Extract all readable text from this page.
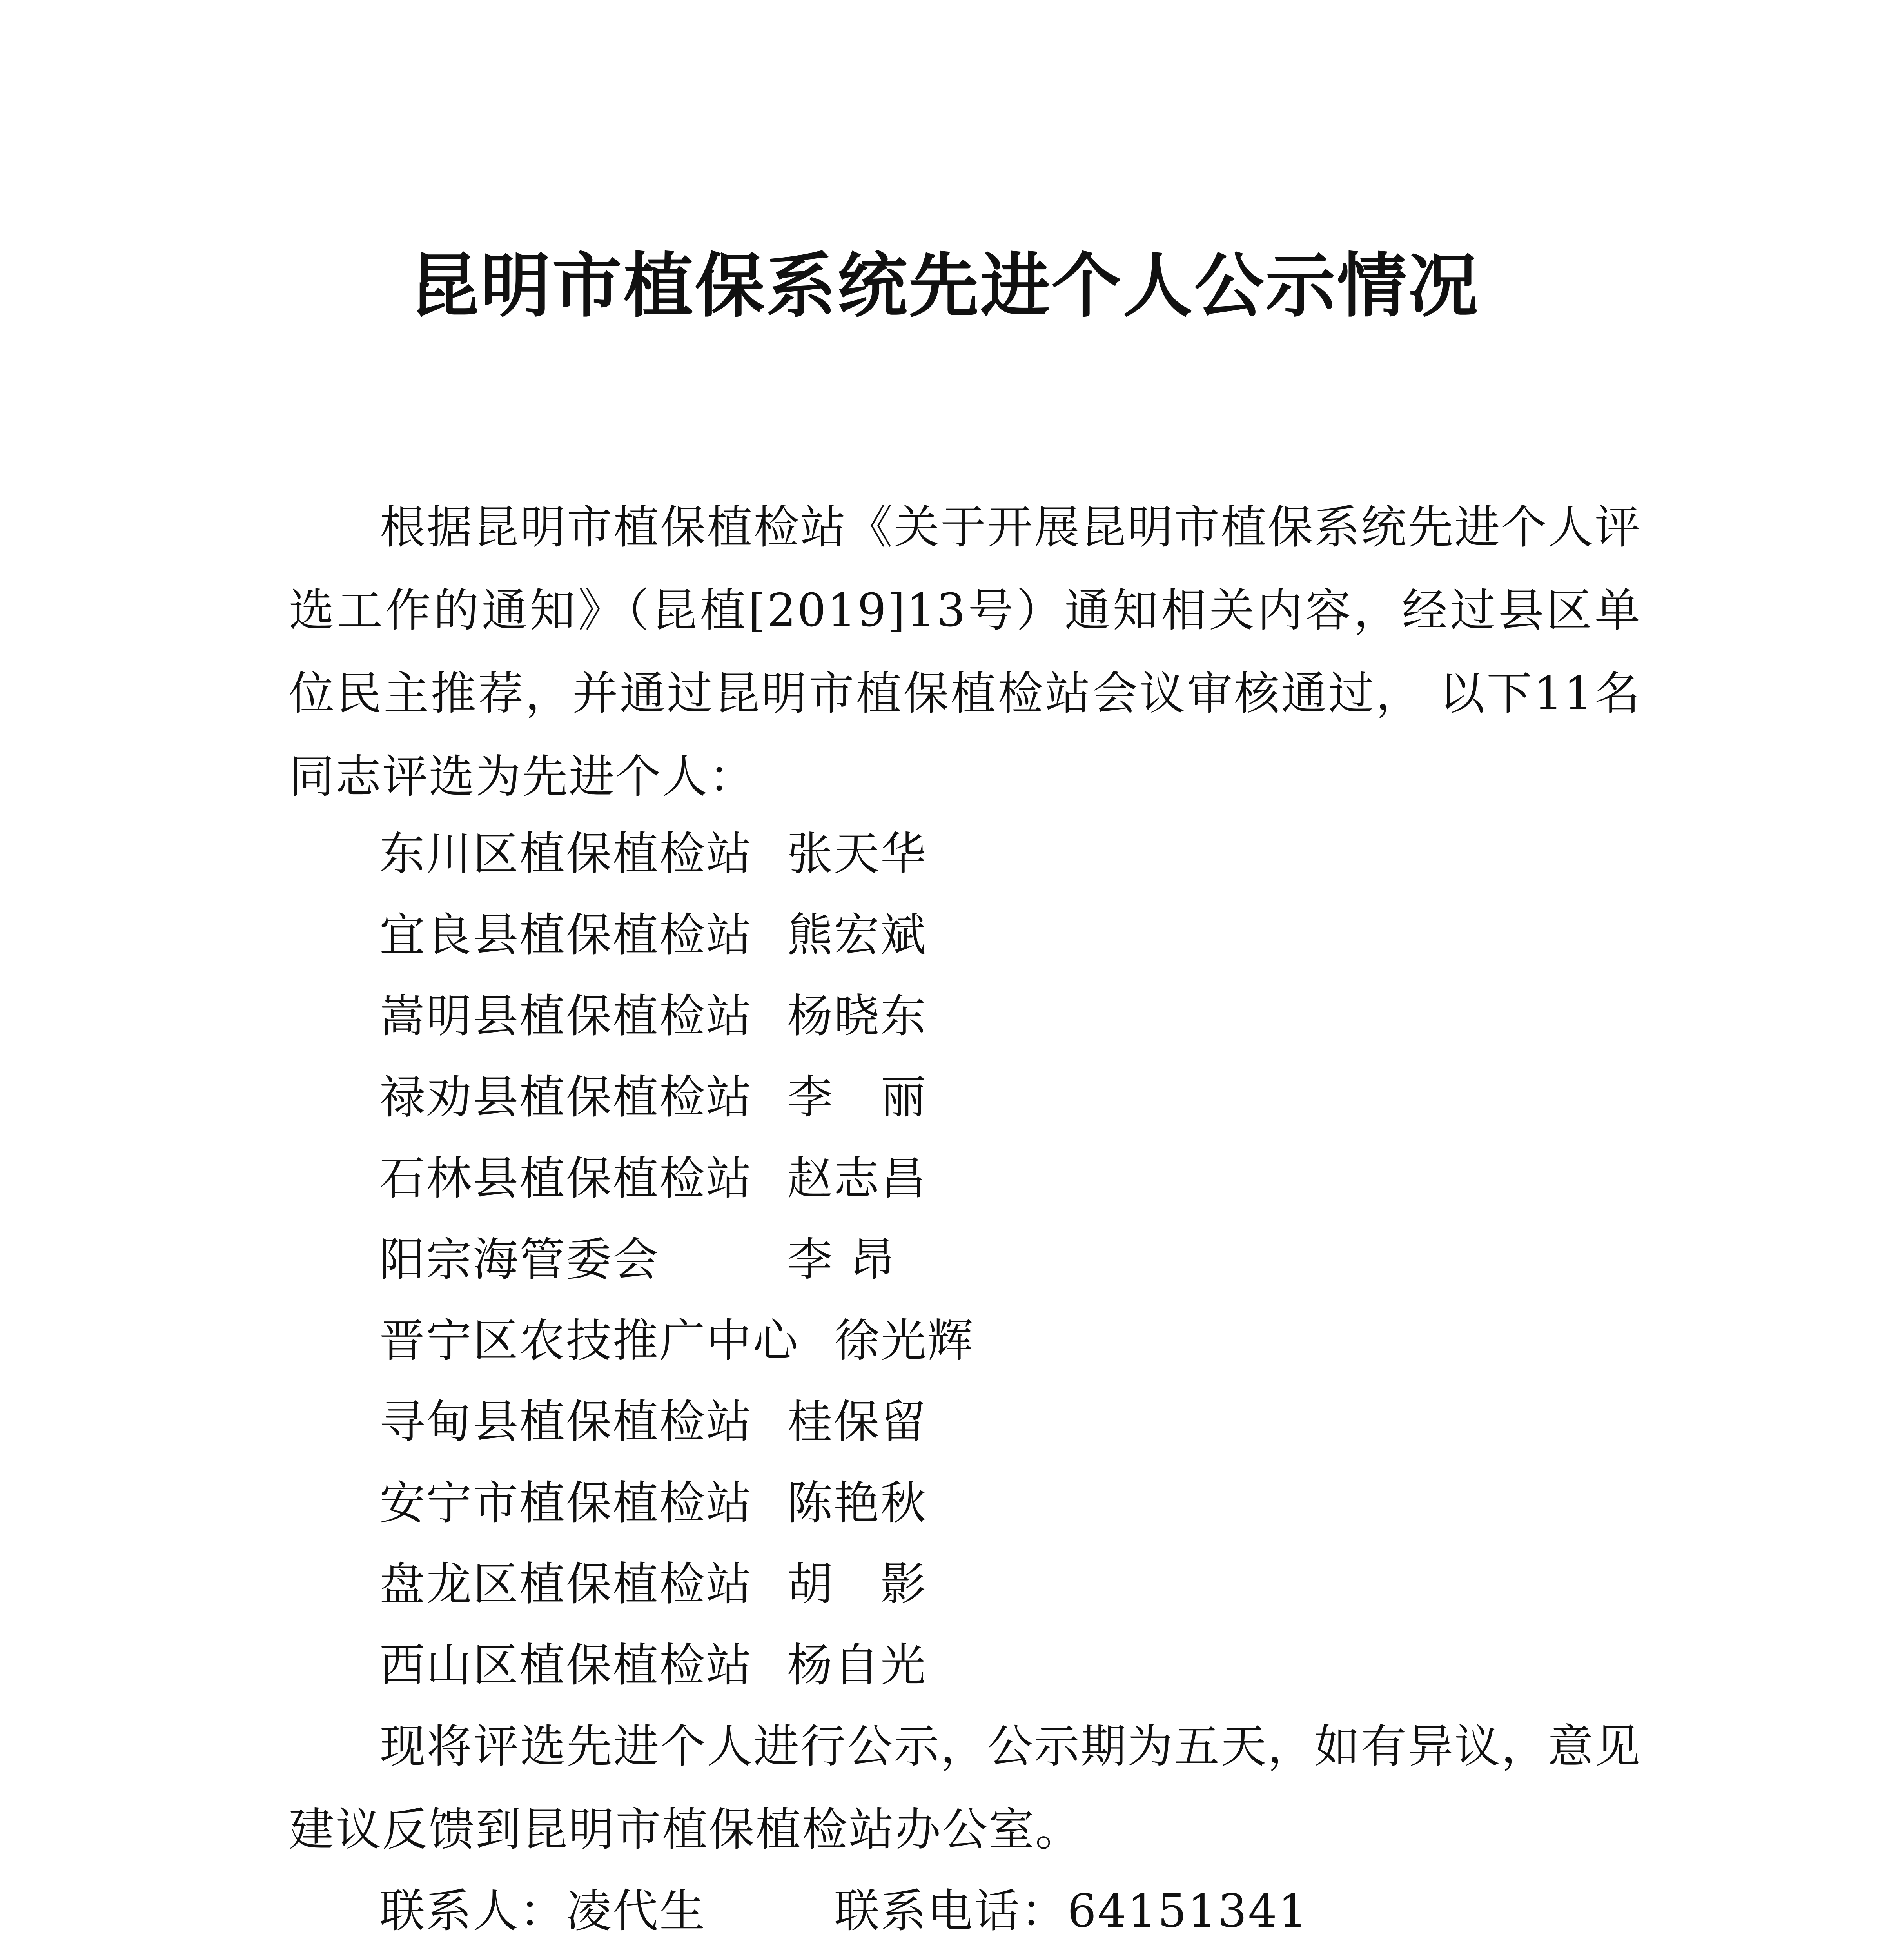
昆明市植保系统先进个人公示情况

根据昆明市植保植检站《关于开展昆明市植保系统先进个人评选工作的通知》（昆植[2019]13号）通知相关内容，经过县区单位民主推荐，并通过昆明市植保植检站会议审核通过， 以下11名同志评选为先进个人：

东川区植保植检站 张天华
宜良县植保植检站 熊宏斌
嵩明县植保植检站 杨晓东
禄劝县植保植检站 李　丽
石林县植保植检站 赵志昌
阳宗海管委会	李 昂
晋宁区农技推广中心 徐光辉
寻甸县植保植检站 桂保留
安宁市植保植检站 陈艳秋
盘龙区植保植检站 胡　影
西山区植保植检站 杨自光

现将评选先进个人进行公示，公示期为五天，如有异议，意见建议反馈到昆明市植保植检站办公室。

联系人：凌代生	联系电话：64151341
